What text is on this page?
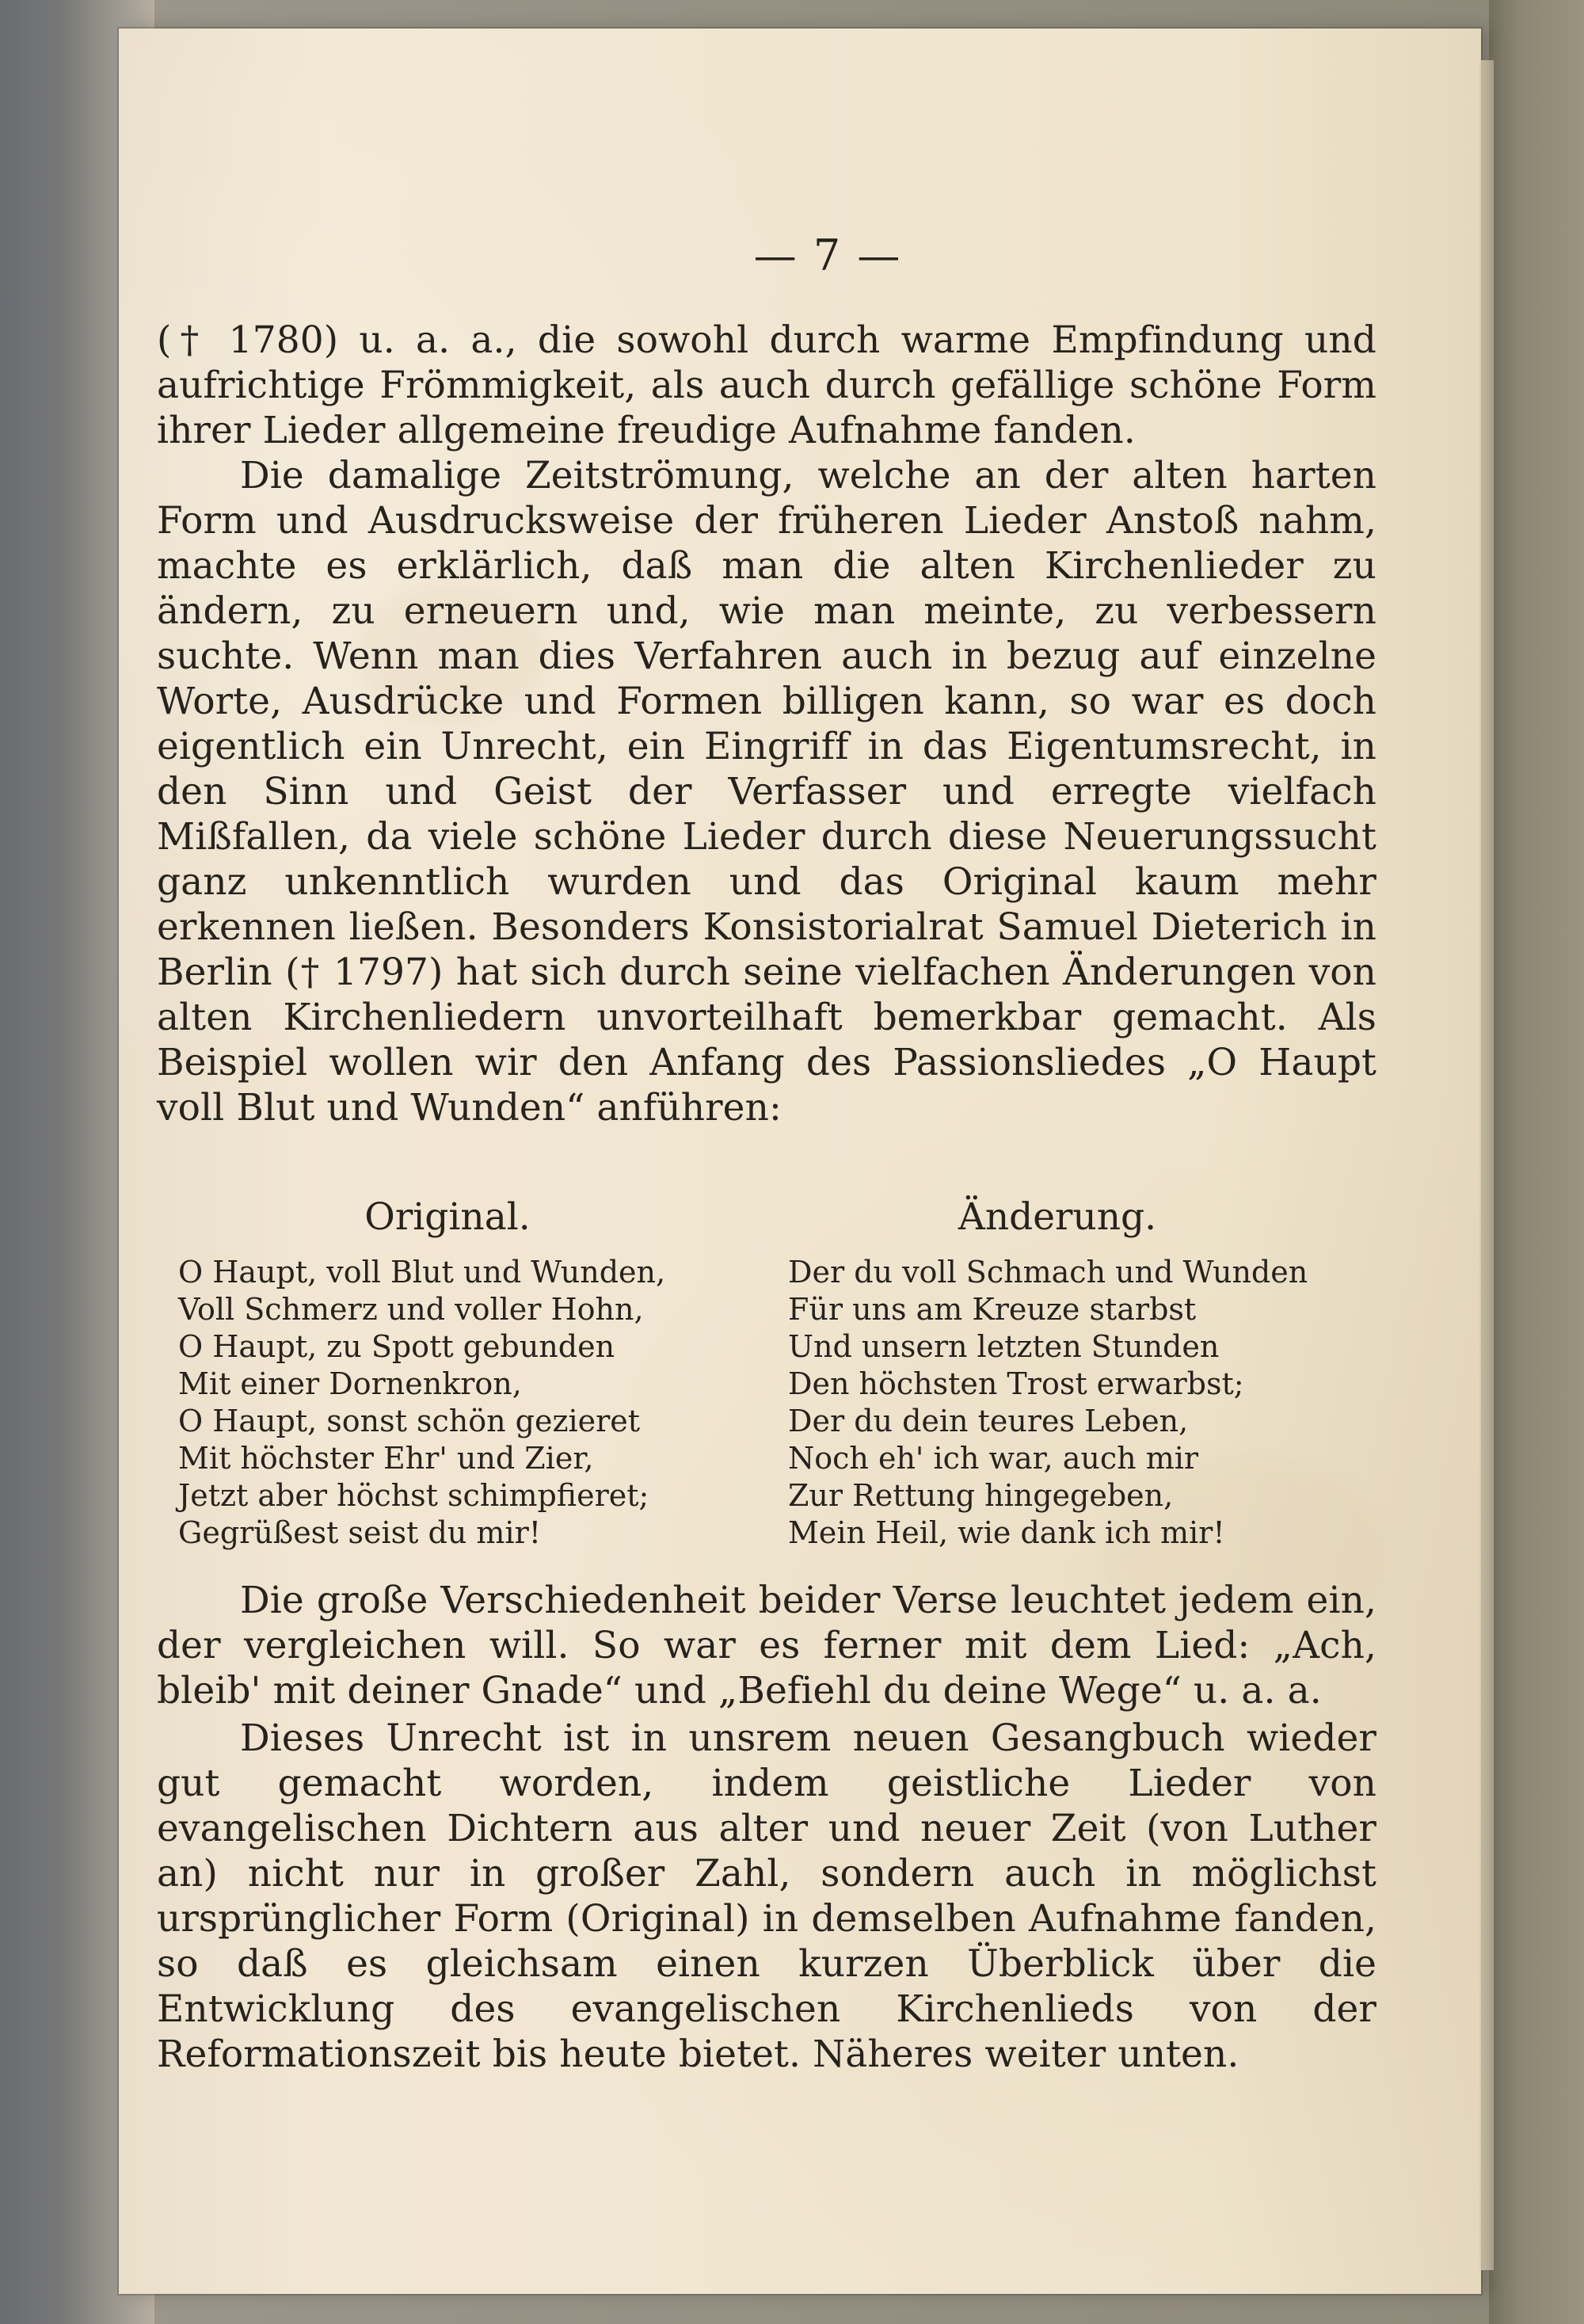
— 7 —

(† 1780) u. a. a., die sowohl durch warme Empfindung und aufrichtige Frömmigkeit, als auch durch gefällige schöne Form ihrer Lieder allgemeine freudige Aufnahme fanden.

Die damalige Zeitströmung, welche an der alten harten Form und Ausdrucksweise der früheren Lieder Anstoß nahm, machte es erklärlich, daß man die alten Kirchenlieder zu ändern, zu erneuern und, wie man meinte, zu verbessern suchte. Wenn man dies Verfahren auch in bezug auf einzelne Worte, Ausdrücke und Formen billigen kann, so war es doch eigentlich ein Unrecht, ein Eingriff in das Eigentumsrecht, in den Sinn und Geist der Verfasser und erregte vielfach Mißfallen, da viele schöne Lieder durch diese Neuerungssucht ganz unkenntlich wurden und das Original kaum mehr erkennen ließen. Besonders Konsistorialrat Samuel Dieterich in Berlin († 1797) hat sich durch seine vielfachen Änderungen von alten Kirchenliedern unvorteilhaft bemerkbar gemacht. Als Beispiel wollen wir den Anfang des Passionsliedes „O Haupt voll Blut und Wunden“ anführen:

Original.
O Haupt, voll Blut und Wunden,
Voll Schmerz und voller Hohn,
O Haupt, zu Spott gebunden
Mit einer Dornenkron,
O Haupt, sonst schön gezieret
Mit höchster Ehr' und Zier,
Jetzt aber höchst schimpfieret;
Gegrüßest seist du mir!
Änderung.
Der du voll Schmach und Wunden
Für uns am Kreuze starbst
Und unsern letzten Stunden
Den höchsten Trost erwarbst;
Der du dein teures Leben,
Noch eh' ich war, auch mir
Zur Rettung hingegeben,
Mein Heil, wie dank ich mir!

Die große Verschiedenheit beider Verse leuchtet jedem ein, der vergleichen will. So war es ferner mit dem Lied: „Ach, bleib' mit deiner Gnade“ und „Befiehl du deine Wege“ u. a. a.

Dieses Unrecht ist in unsrem neuen Gesangbuch wieder gut gemacht worden, indem geistliche Lieder von evangelischen Dichtern aus alter und neuer Zeit (von Luther an) nicht nur in großer Zahl, sondern auch in möglichst ursprünglicher Form (Original) in demselben Aufnahme fanden, so daß es gleichsam einen kurzen Überblick über die Entwicklung des evangelischen Kirchenlieds von der Reformationszeit bis heute bietet. Näheres weiter unten.
